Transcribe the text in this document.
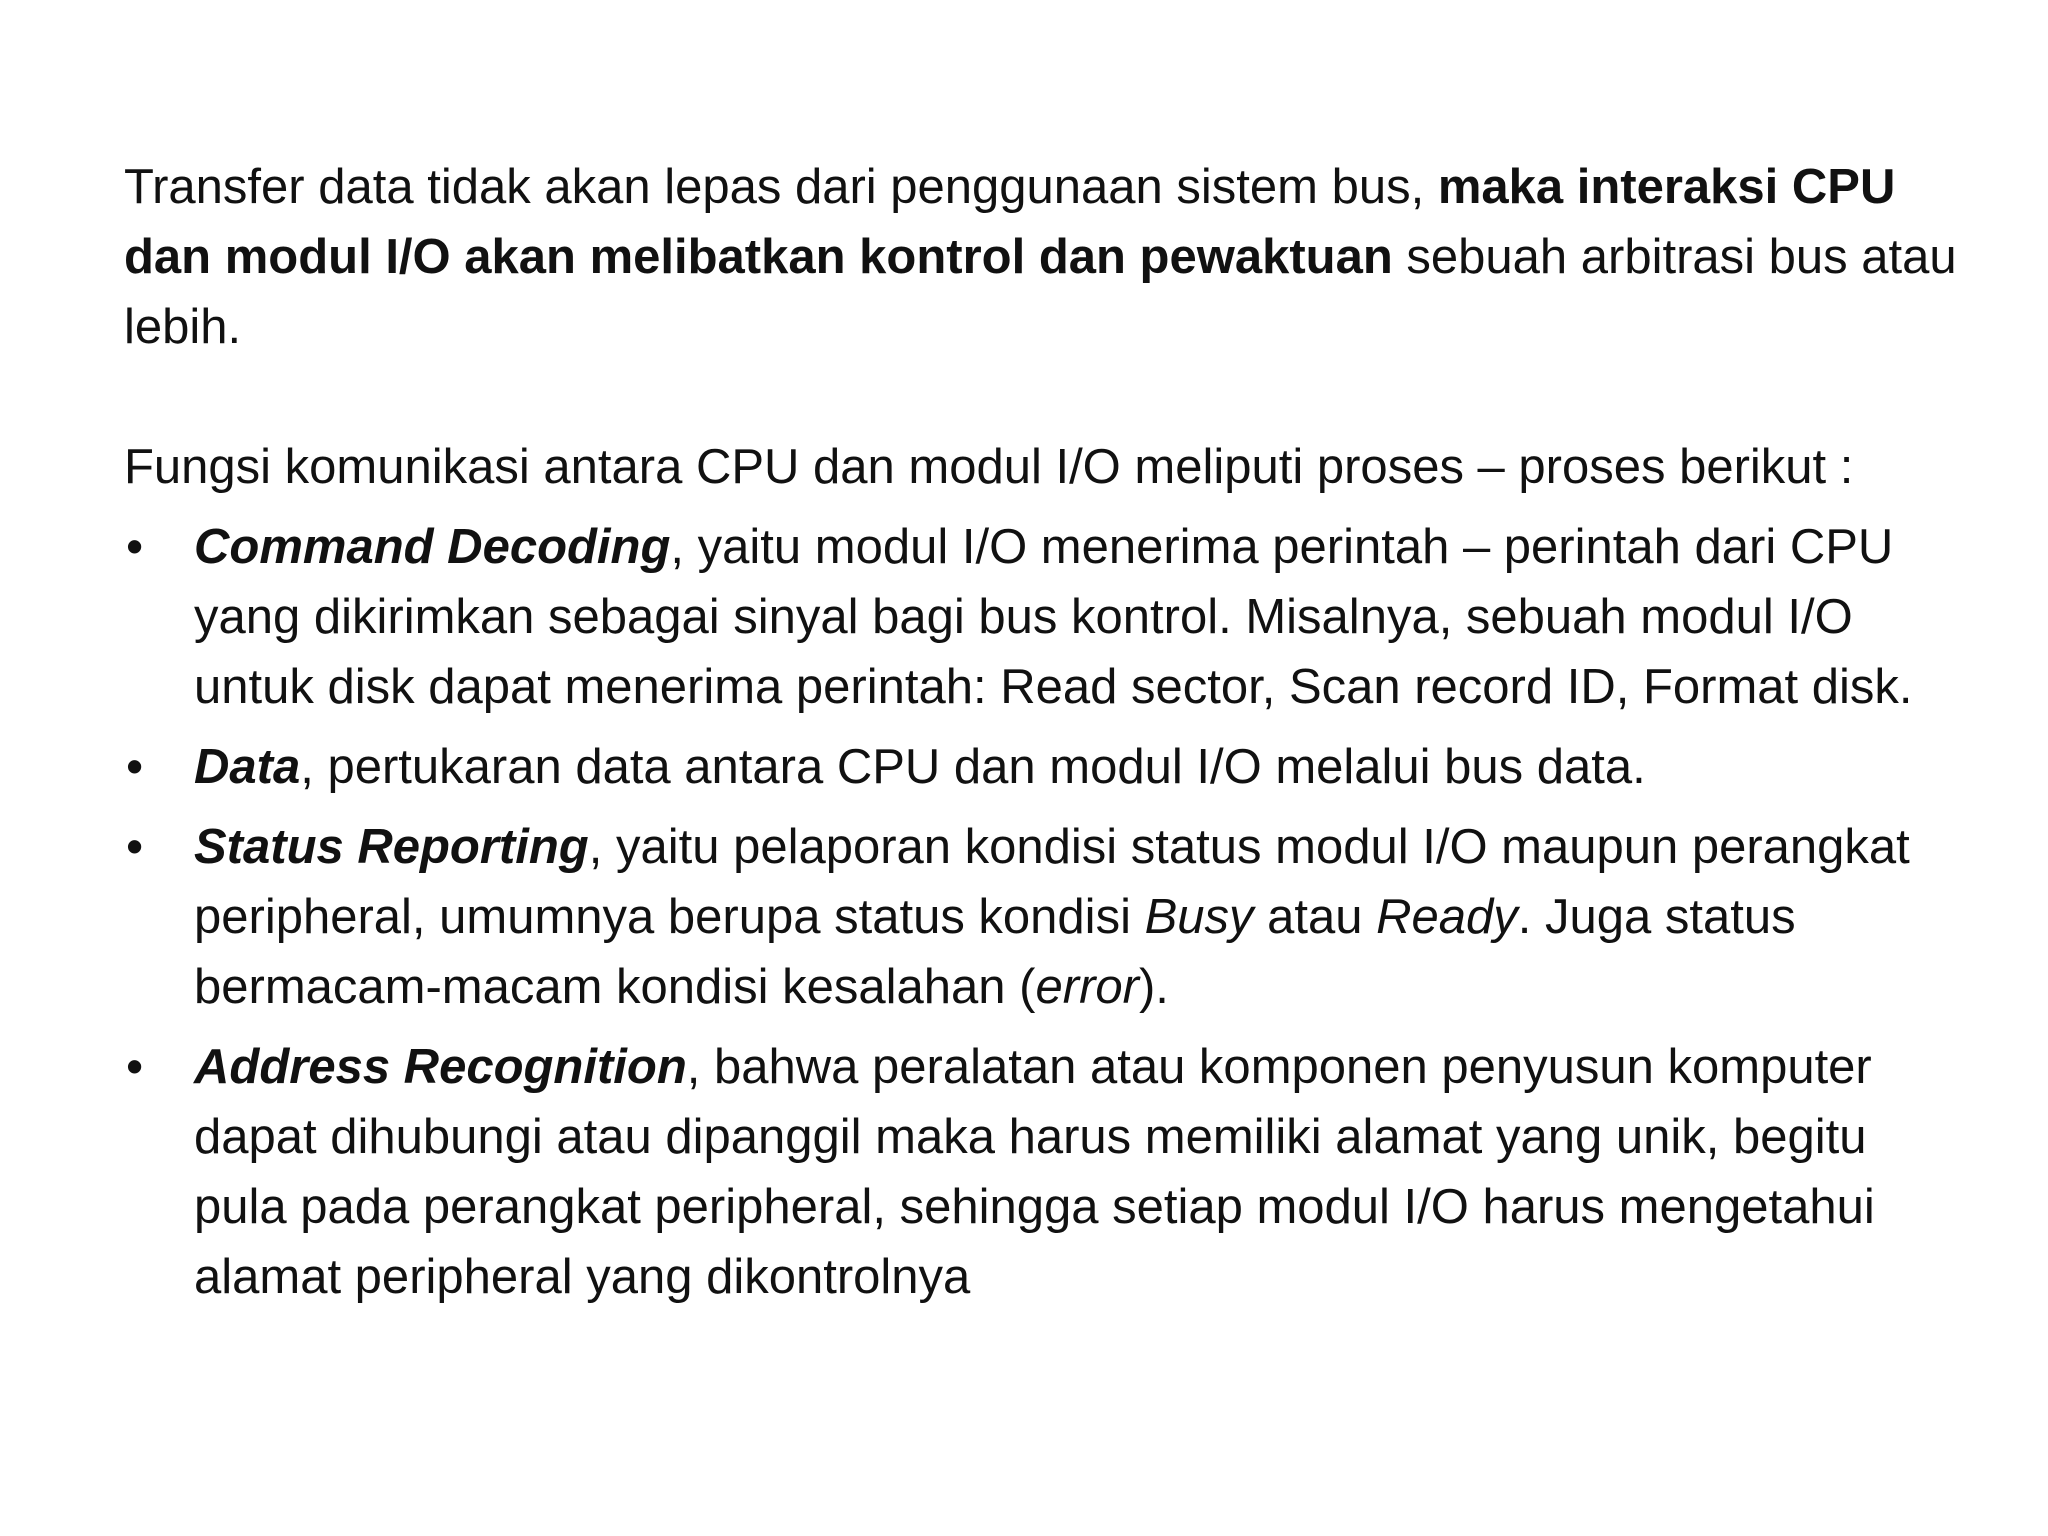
Transfer data tidak akan lepas dari penggunaan sistem bus, maka interaksi CPU dan modul I/O akan melibatkan kontrol dan pewaktuan sebuah arbitrasi bus atau lebih.

Fungsi komunikasi antara CPU dan modul I/O meliputi proses – proses berikut :

•	Command Decoding, yaitu modul I/O menerima perintah – perintah dari CPU yang dikirimkan sebagai sinyal bagi bus kontrol. Misalnya, sebuah modul I/O untuk disk dapat menerima perintah: Read sector, Scan record ID, Format disk.
•	Data, pertukaran data antara CPU dan modul I/O melalui bus data.
•	Status Reporting, yaitu pelaporan kondisi status modul I/O maupun perangkat peripheral, umumnya berupa status kondisi Busy atau Ready. Juga status bermacam-macam kondisi kesalahan (error).
•	Address Recognition, bahwa peralatan atau komponen penyusun komputer dapat dihubungi atau dipanggil maka harus memiliki alamat yang unik, begitu pula pada perangkat peripheral, sehingga setiap modul I/O harus mengetahui alamat peripheral yang dikontrolnya
